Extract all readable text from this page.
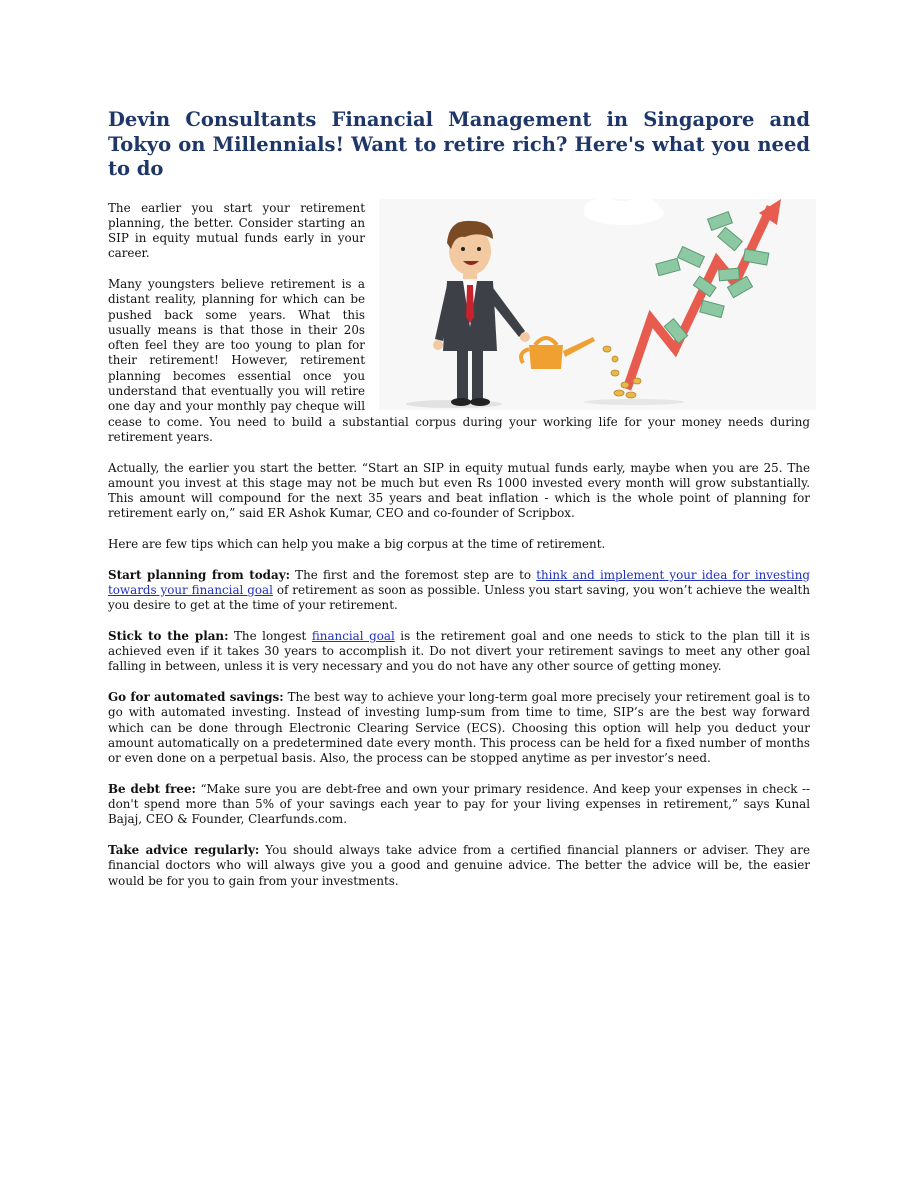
Devin Consultants Financial Management in Singapore and Tokyo on Millennials! Want to retire rich? Here's what you need to do

The earlier you start your retirement planning, the better. Consider starting an SIP in equity mutual funds early in your career.

Many youngsters believe retirement is a distant reality, planning for which can be pushed back some years. What this usually means is that those in their 20s often feel they are too young to plan for their retirement! However, retirement planning becomes essential once you understand that eventually you will retire one day and your monthly pay cheque will cease to come. You need to build a substantial corpus during your working life for your money needs during retirement years.

Actually, the earlier you start the better. “Start an SIP in equity mutual funds early, maybe when you are 25. The amount you invest at this stage may not be much but even Rs 1000 invested every month will grow substantially. This amount will compound for the next 35 years and beat inflation - which is the whole point of planning for retirement early on,” said ER Ashok Kumar, CEO and co-founder of Scripbox.

Here are few tips which can help you make a big corpus at the time of retirement.

Start planning from today: The first and the foremost step are to think and implement your idea for investing towards your financial goal of retirement as soon as possible. Unless you start saving, you won’t achieve the wealth you desire to get at the time of your retirement.

Stick to the plan: The longest financial goal is the retirement goal and one needs to stick to the plan till it is achieved even if it takes 30 years to accomplish it. Do not divert your retirement savings to meet any other goal falling in between, unless it is very necessary and you do not have any other source of getting money.

Go for automated savings: The best way to achieve your long-term goal more precisely your retirement goal is to go with automated investing. Instead of investing lump-sum from time to time, SIP’s are the best way forward which can be done through Electronic Clearing Service (ECS). Choosing this option will help you deduct your amount automatically on a predetermined date every month. This process can be held for a fixed number of months or even done on a perpetual basis. Also, the process can be stopped anytime as per investor’s need.

Be debt free: “Make sure you are debt-free and own your primary residence. And keep your expenses in check -- don't spend more than 5% of your savings each year to pay for your living expenses in retirement,” says Kunal Bajaj, CEO & Founder, Clearfunds.com.

Take advice regularly: You should always take advice from a certified financial planners or adviser. They are financial doctors who will always give you a good and genuine advice. The better the advice will be, the easier would be for you to gain from your investments.
